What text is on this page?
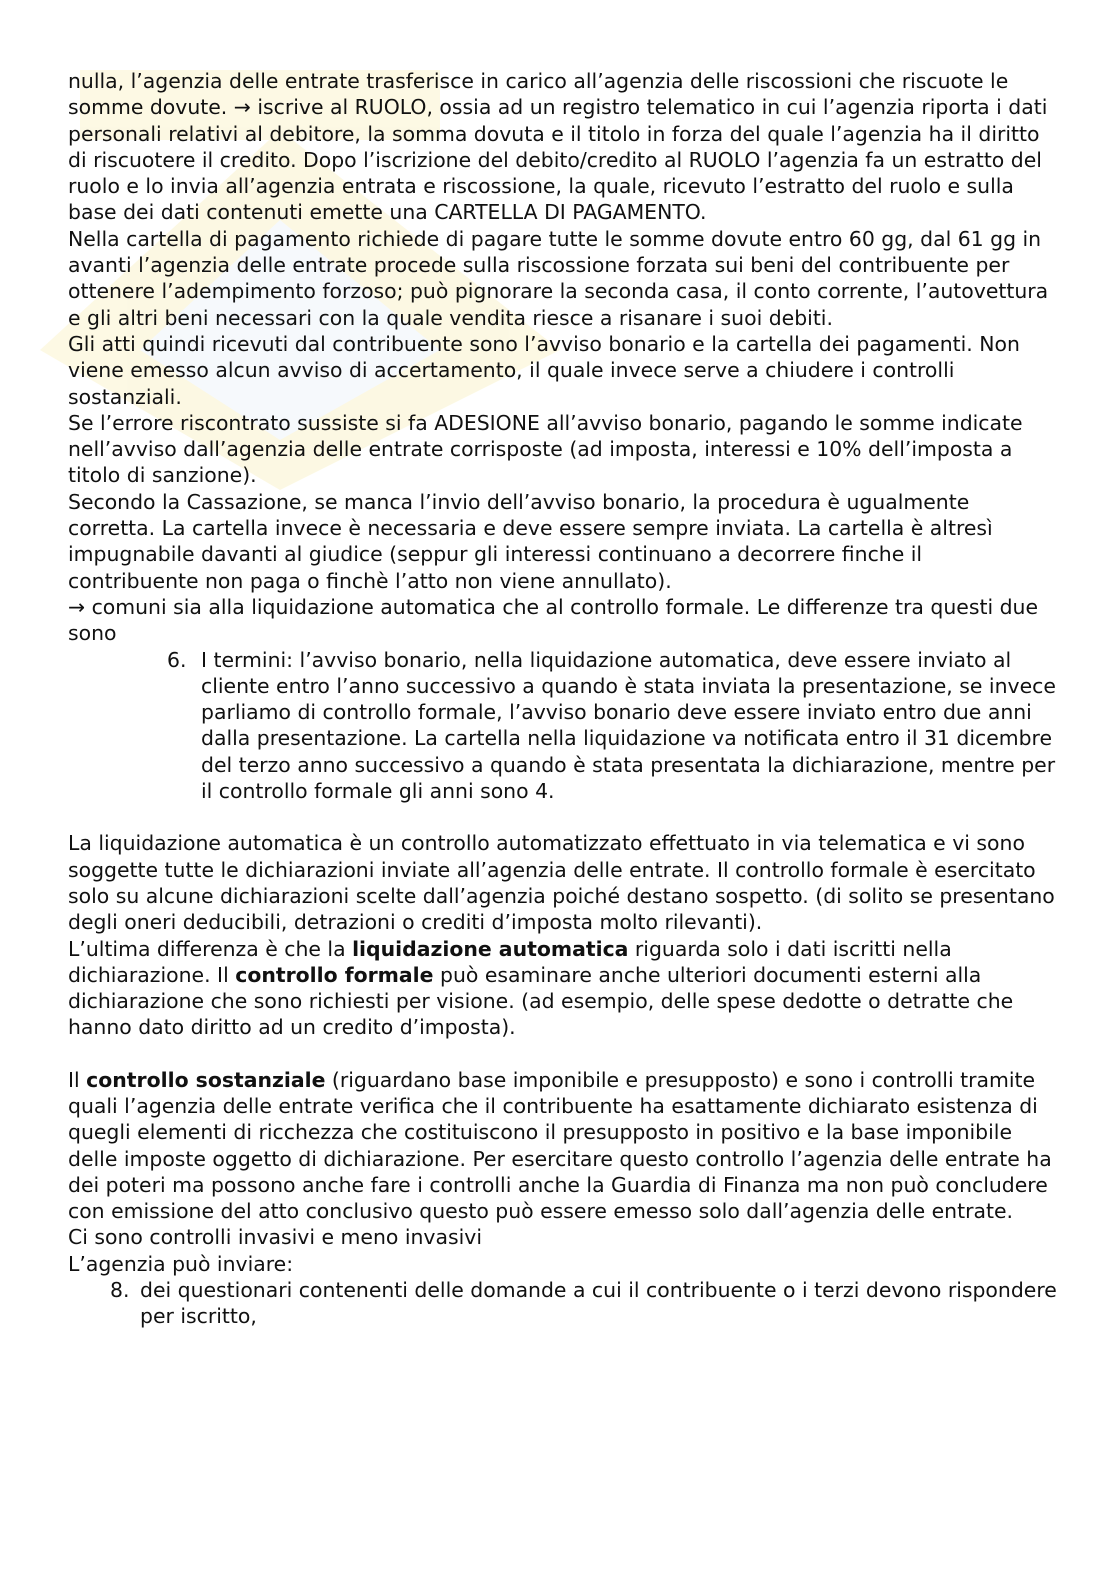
nulla, l’agenzia delle entrate trasferisce in carico all’agenzia delle riscossioni che riscuote le somme dovute. → iscrive al RUOLO, ossia ad un registro telematico in cui l’agenzia riporta i dati personali relativi al debitore, la somma dovuta e il titolo in forza del quale l’agenzia ha il diritto di riscuotere il credito. Dopo l’iscrizione del debito/credito al RUOLO l’agenzia fa un estratto del ruolo e lo invia all’agenzia entrata e riscossione, la quale, ricevuto l’estratto del ruolo e sulla base dei dati contenuti emette una CARTELLA DI PAGAMENTO.

Nella cartella di pagamento richiede di pagare tutte le somme dovute entro 60 gg, dal 61 gg in avanti l’agenzia delle entrate procede sulla riscossione forzata sui beni del contribuente per ottenere l’adempimento forzoso; può pignorare la seconda casa, il conto corrente, l’autovettura e gli altri beni necessari con la quale vendita riesce a risanare i suoi debiti.

Gli atti quindi ricevuti dal contribuente sono l’avviso bonario e la cartella dei pagamenti. Non viene emesso alcun avviso di accertamento, il quale invece serve a chiudere i controlli sostanziali.

Se l’errore riscontrato sussiste si fa ADESIONE all’avviso bonario, pagando le somme indicate nell’avviso dall’agenzia delle entrate corrisposte (ad imposta, interessi e 10% dell’imposta a titolo di sanzione).

Secondo la Cassazione, se manca l’invio dell’avviso bonario, la procedura è ugualmente corretta. La cartella invece è necessaria e deve essere sempre inviata. La cartella è altresì impugnabile davanti al giudice (seppur gli interessi continuano a decorrere finche il contribuente non paga o finchè l’atto non viene annullato).

→ comuni sia alla liquidazione automatica che al controllo formale. Le differenze tra questi due sono

6. I termini: l’avviso bonario, nella liquidazione automatica, deve essere inviato al cliente entro l’anno successivo a quando è stata inviata la presentazione, se invece parliamo di controllo formale, l’avviso bonario deve essere inviato entro due anni dalla presentazione. La cartella nella liquidazione va notificata entro il 31 dicembre del terzo anno successivo a quando è stata presentata la dichiarazione, mentre per il controllo formale gli anni sono 4.

La liquidazione automatica è un controllo automatizzato effettuato in via telematica e vi sono soggette tutte le dichiarazioni inviate all’agenzia delle entrate. Il controllo formale è esercitato solo su alcune dichiarazioni scelte dall’agenzia poiché destano sospetto. (di solito se presentano degli oneri deducibili, detrazioni o crediti d’imposta molto rilevanti).

L’ultima differenza è che la liquidazione automatica riguarda solo i dati iscritti nella dichiarazione. Il controllo formale può esaminare anche ulteriori documenti esterni alla dichiarazione che sono richiesti per visione. (ad esempio, delle spese dedotte o detratte che hanno dato diritto ad un credito d’imposta).

Il controllo sostanziale (riguardano base imponibile e presupposto) e sono i controlli tramite quali l’agenzia delle entrate verifica che il contribuente ha esattamente dichiarato esistenza di quegli elementi di ricchezza che costituiscono il presupposto in positivo e la base imponibile delle imposte oggetto di dichiarazione. Per esercitare questo controllo l’agenzia delle entrate ha dei poteri ma possono anche fare i controlli anche la Guardia di Finanza ma non può concludere con emissione del atto conclusivo questo può essere emesso solo dall’agenzia delle entrate.

Ci sono controlli invasivi e meno invasivi

L’agenzia può inviare:

8. dei questionari contenenti delle domande a cui il contribuente o i terzi devono rispondere per iscritto,
